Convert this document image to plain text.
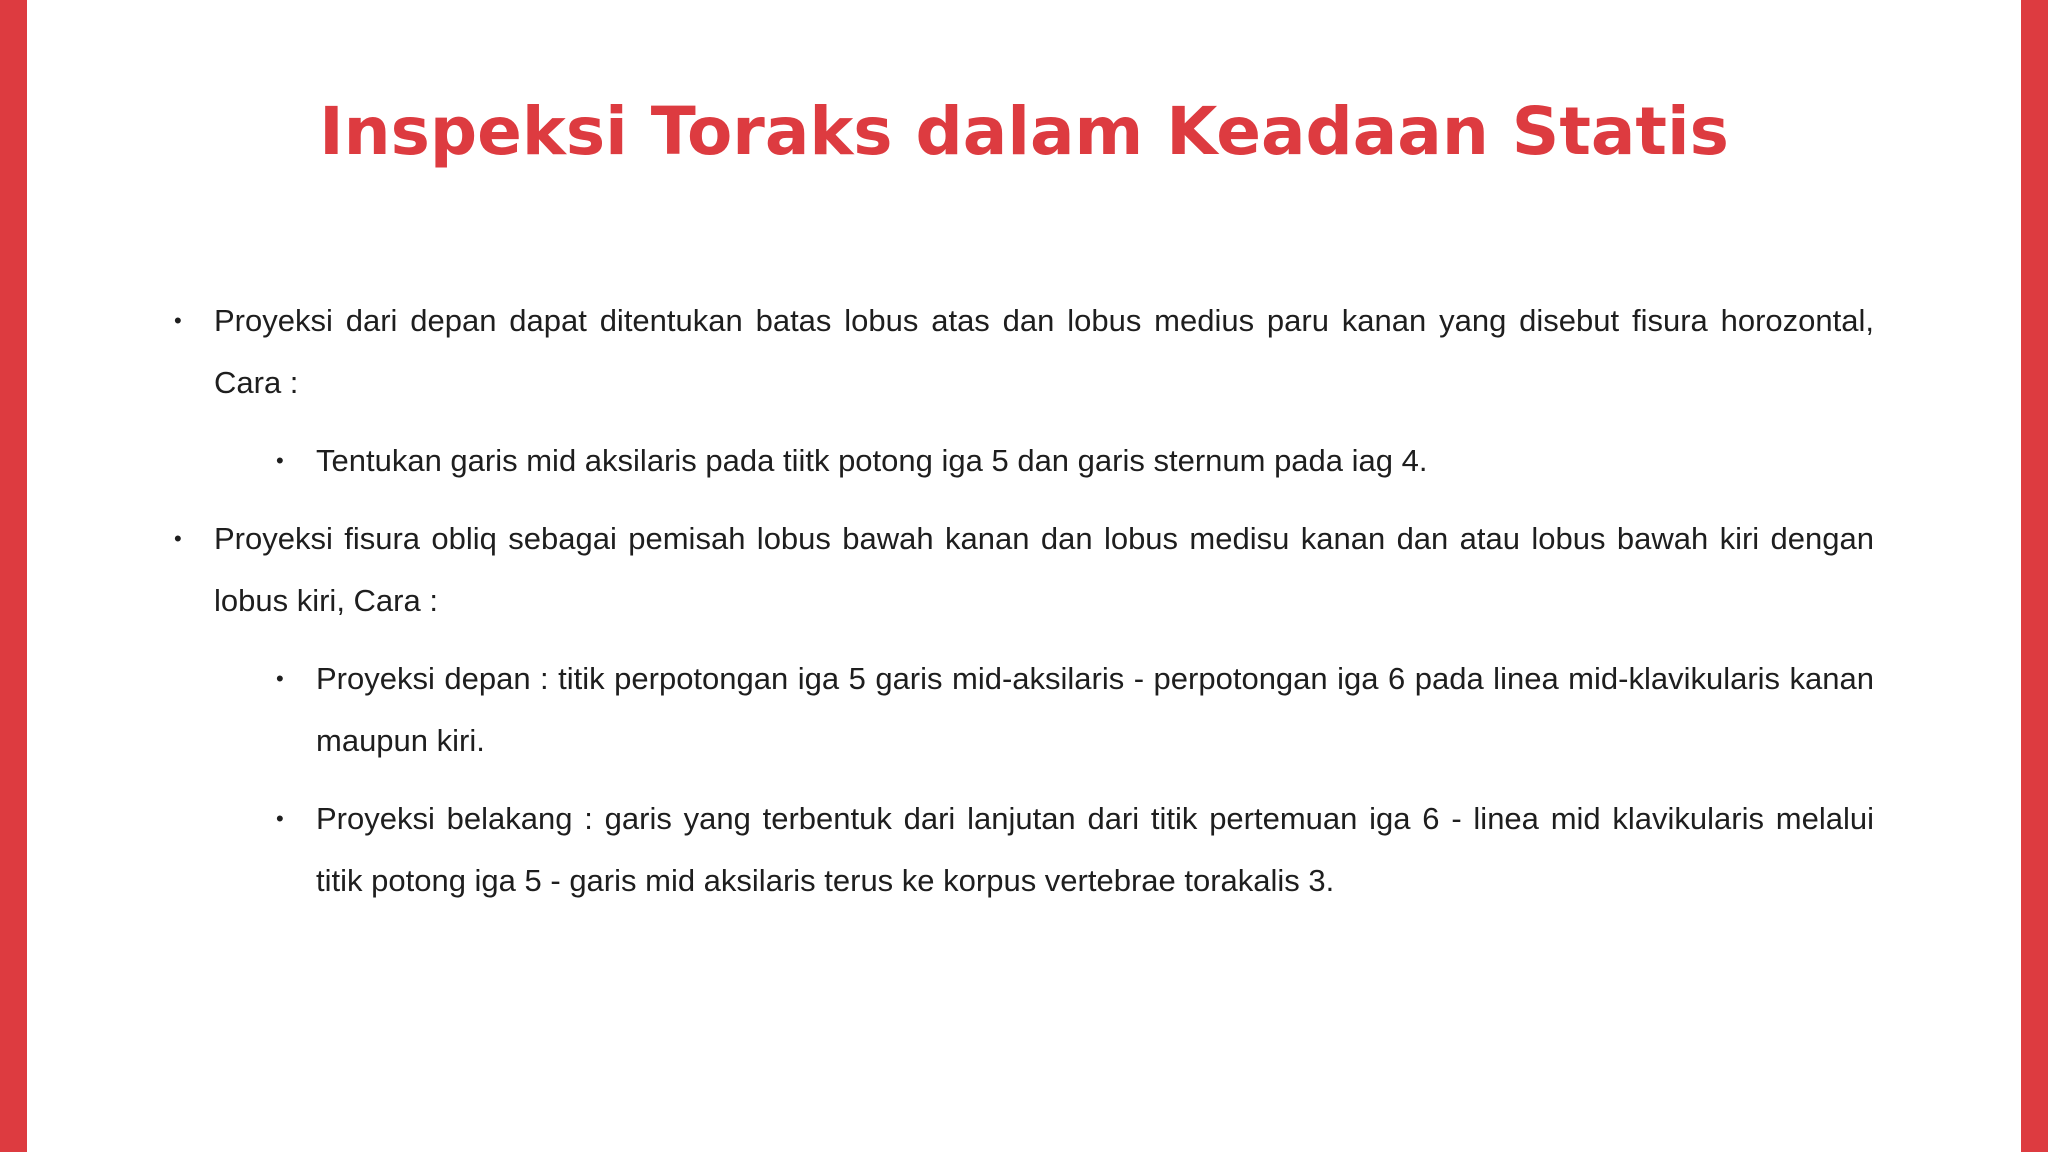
Inspeksi Toraks dalam Keadaan Statis
• Proyeksi dari depan dapat ditentukan batas lobus atas dan lobus medius paru kanan yang disebut fisura horozontal, Cara :
• Tentukan garis mid aksilaris pada tiitk potong iga 5 dan garis sternum pada iag 4.
• Proyeksi fisura obliq sebagai pemisah lobus bawah kanan dan lobus medisu kanan dan atau lobus bawah kiri dengan lobus kiri, Cara :
• Proyeksi depan : titik perpotongan iga 5 garis mid-aksilaris - perpotongan iga 6 pada linea mid-klavikularis kanan maupun kiri.
• Proyeksi belakang : garis yang terbentuk dari lanjutan dari titik pertemuan iga 6 - linea mid klavikularis melalui titik potong iga 5 - garis mid aksilaris terus ke korpus vertebrae torakalis 3.
